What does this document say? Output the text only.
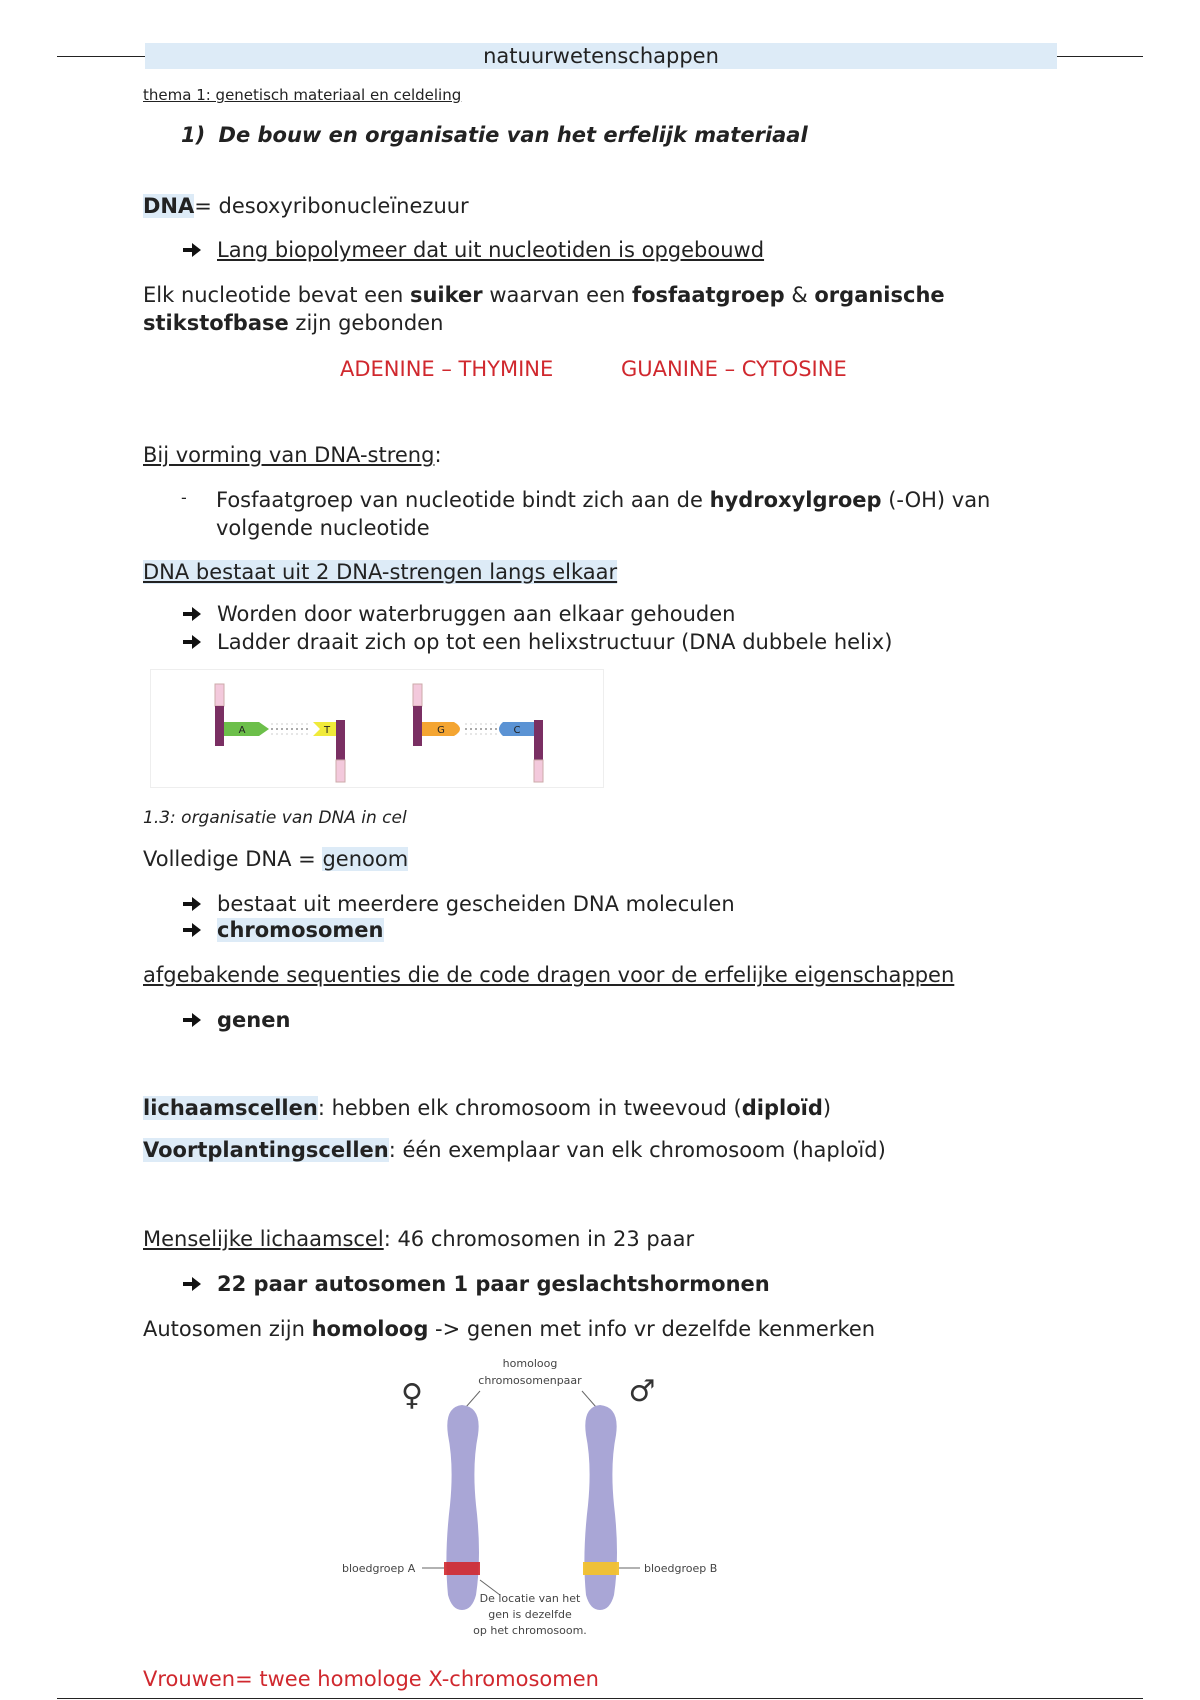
natuurwetenschappen
thema 1: genetisch materiaal en celdeling
1) De bouw en organisatie van het erfelijk materiaal
DNA= desoxyribonucleïnezuur
Lang biopolymeer dat uit nucleotiden is opgebouwd
Elk nucleotide bevat een suiker waarvan een fosfaatgroep & organische
stikstofbase zijn gebonden
ADENINE – THYMINE	GUANINE – CYTOSINE
Bij vorming van DNA-streng:
- Fosfaatgroep van nucleotide bindt zich aan de hydroxylgroep (-OH) van
volgende nucleotide
DNA bestaat uit 2 DNA-strengen langs elkaar
Worden door waterbruggen aan elkaar gehouden
Ladder draait zich op tot een helixstructuur (DNA dubbele helix)
A	T	G	C
1.3: organisatie van DNA in cel
Volledige DNA = genoom
bestaat uit meerdere gescheiden DNA moleculen
chromosomen
afgebakende sequenties die de code dragen voor de erfelijke eigenschappen
genen
lichaamscellen: hebben elk chromosoom in tweevoud (diploïd)
Voortplantingscellen: één exemplaar van elk chromosoom (haploïd)
Menselijke lichaamscel: 46 chromosomen in 23 paar
22 paar autosomen 1 paar geslachtshormonen
Autosomen zijn homoloog -> genen met info vr dezelfde kenmerken
homoloog
chromosomenpaar
♀	♂
bloedgroep A	bloedgroep B
De locatie van het
gen is dezelfde
op het chromosoom.
Vrouwen= twee homologe X-chromosomen
